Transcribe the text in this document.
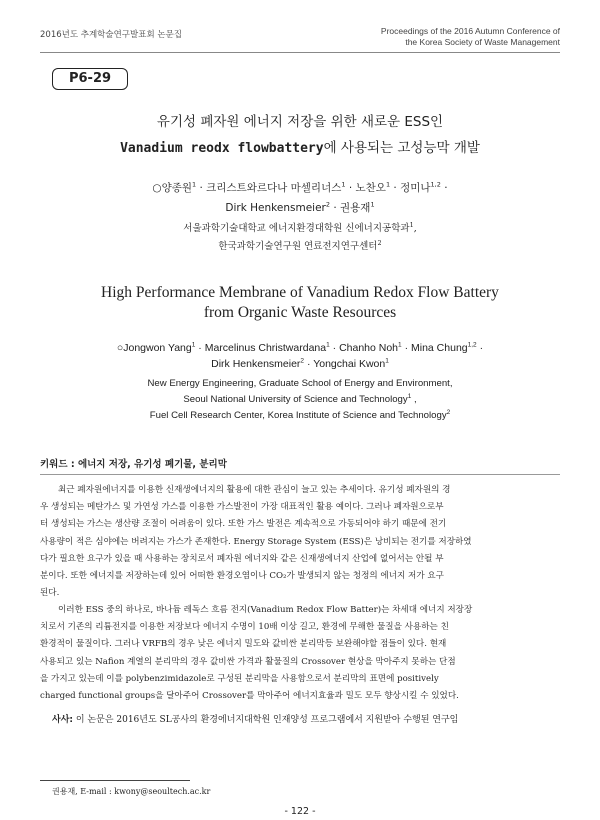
2016년도 추계학술연구발표회 논문집	Proceedings of the 2016 Autumn Conference of
the Korea Society of Waste Management
P6-29
유기성 폐자원 에너지 저장을 위한 새로운 ESS인
Vanadium reodx flowbattery에 사용되는 고성능막 개발
○양종원$^1$ · 크리스트와르다나 마셀리너스$^1$ · 노찬오$^1$ · 정미나$^{1,2}$ ·
Dirk Henkensmeier$^2$ · 권용재$^1$
서울과학기술대학교 에너지환경대학원 신에너지공학과$^1$,
한국과학기술연구원 연료전지연구센터$^2$
High Performance Membrane of Vanadium Redox Flow Battery
from Organic Waste Resources
○Jongwon Yang$^1$ · Marcelinus Christwardana$^1$ · Chanho Noh$^1$ · Mina Chung$^{1,2}$ ·
Dirk Henkensmeier$^2$ · Yongchai Kwon$^1$
New Energy Engineering, Graduate School of Energy and Environment,
Seoul National University of Science and Technology$^1$ ,
Fuel Cell Research Center, Korea Institute of Science and Technology$^2$
키워드 : 에너지 저장, 유기성 폐기물, 분리막
최근 폐자원에너지를 이용한 신재생에너지의 활용에 대한 관심이 늘고 있는 추세이다. 유기성 폐자원의 경
우 생성되는 메탄가스 및 가연성 가스를 이용한 가스발전이 가장 대표적인 활용 예이다. 그러나 폐자원으로부
터 생성되는 가스는 생산량 조절이 어려움이 있다. 또한 가스 발전은 계속적으로 가동되어야 하기 때문에 전기
사용량이 적은 심야에는 버려지는 가스가 존재한다. Energy Storage System (ESS)은 낭비되는 전기를 저장하였
다가 필요한 요구가 있을 때 사용하는 장치로서 폐자원 에너지와 같은 신재생에너지 산업에 없어서는 안될 부
분이다. 또한 에너지를 저장하는데 있어 어떠한 환경오염이나 CO₂가 발생되지 않는 청정의 에너지 저가 요구
된다.
이러한 ESS 중의 하나로, 바나듐 레독스 흐름 전지(Vanadium Redox Flow Batter)는 차세대 에너지 저장장
치로서 기존의 리튬전지를 이용한 저장보다 에너지 수명이 10배 이상 길고, 환경에 무해한 물질을 사용하는 친
환경적이 물질이다. 그러나 VRFB의 경우 낮은 에너지 밀도와 값비싼 분리막등 보완해야할 점들이 있다. 현재
사용되고 있는 Nafion 계열의 분리막의 경우 값비싼 가격과 활물질의 Crossover 현상을 막아주지 못하는 단점
을 가지고 있는데 이를 polybenzimidazole로 구성된 분리막을 사용함으로서 분리막의 표면에 positively
charged functional groups을 달아주어 Crossover를 막아주어 에너지효율과 밀도 모두 향상시킬 수 있었다.
사사: 이 논문은 2016년도 SL공사의 환경에너지대학원 인재양성 프로그램에서 지원받아 수행된 연구임
권용재, E-mail : kwony@seoultech.ac.kr
- 122 -
